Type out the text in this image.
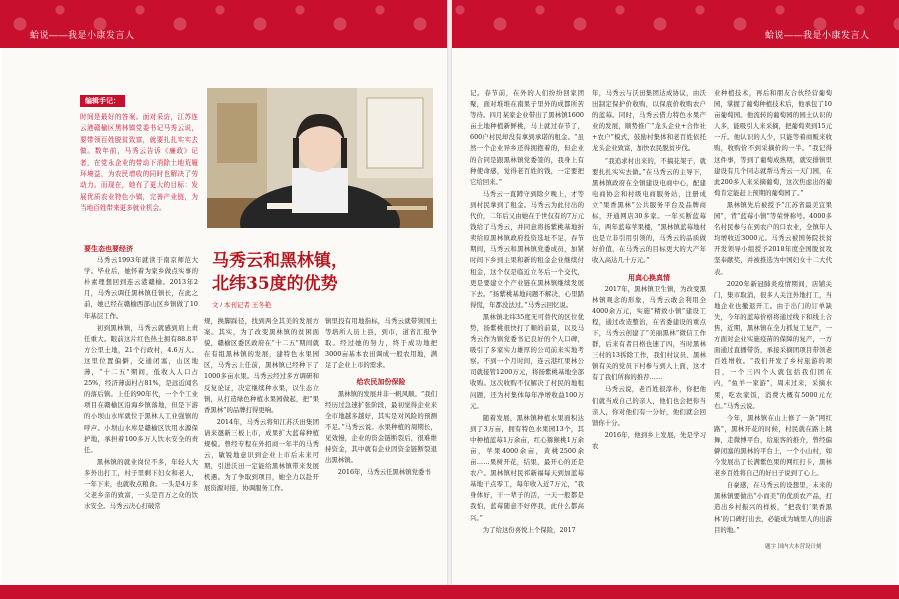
蛤说——我是小康发言人	蛤说——我是小康发言人
编辑手记：
时间是最好的答案。面对采访，江苏连云港赣榆区黑林镇党委书记马秀云说，要带领百姓脱贫致富，就要扎扎实实去做。数年前，马秀云告诉《廉政》记者，在党永企业的带动下消除土地荒履环境益，为农民增收的同时也解决了劳动力。而现在，她有了更大的目标：发展优质农业特色小镇，完善产业链，为当地百姓带来更多就业机会。
马秀云和黑林镇，
北纬35度的优势
文 / 本刊记者 王冬艳

要生态也要经济

马秀云1993年就读于南京师范大学。毕业后，她怀着为家乡做点实事的朴素理想回到连云港赣榆。2013年2月，马秀云调任黑林镇任镇长，在此之前，她已经在赣榆西部山区乡镇做了10年基层工作。

初到黑林镇，马秀云就感到肩上责任重大。眼前这片红色热土拥有88.8平方公里土地，21个行政村，4.6万人。这里位置偏僻，交通闭塞，山区地薄，“十二五”期间，低收入人口占25%，经济薄弱村占81%，是远近闻名的落后镇。上任的90年代，一个个工业项目在赣榆区沿海乡镇落地，但是下游的小坝山水库就位于黑林人工业强镇的呼声。小坝山水库是赣榆区饮用水源保护地，承担着100多万人饮水安全的责任。

黑林镇的就业岗位不多，年轻人大多外出打工，村子里剩下妇女和老人，一年下来，也就收点粮食。一头是4万多父老乡亲的致富，一头是百万之众的饮水安全。马秀云决心打破常

规，换脚踩径，找到两全其美的发展方案。其实，为了改变黑林镇的贫困面貌，赣榆区委区政府在“十二五”期间就在有组黑林镇的发展，建特色水果园区，马秀云上任前，黑林镇已经种下了1000多亩水果。马秀云经过多方调研和反复论证，决定继续种水果，以生态立镇，从打造绿色种植水果园做起，把“果香黑林”的品牌打得更响。

2014年，马秀云将知江苏沃田集团请来邀新三板上市，成果扩大蓝莓种植规模。曾经专程在外招商一年半的马秀云，敏锐地意识到企业上市后未来可期，引进沃田一定能给黑林镇带来发展机遇。为了争取到项目，她全力以赴开展资源对接，协调服务工作。

镇里投有用地指标，马秀云就带领国土等培所人员上县，到市，道省汇报争取。经过她的努力，终于成功地把3000亩基本农田调成一般农用地，满足了企业上市的需求。

给农民加份保险

黑林镇的发展并非一帆风顺。“我们经历过急速扩张阶段，最初觉得企业来全市地越多越好，其实是对风险的预测不足。”马秀云说。水果种植的周期长，见效慢，企业的资金链断裂后，很难维持资金，其中就有企业因资金链断裂退出黑林镇。

2016年，马秀云任黑林镇党委书

记。春节前，在外的人们纷纷回家团聚，面对堆堆在南果子里外的成都所苦等待。四月某家企业带出了黑林镇1600亩土地种植新鲜桃，马上就过春节了，600户村民却没有拿到承诺的租金。“虽然一个企业异乡还得拥抱着的，但企业的合同是跟黑林镇党委签的，我身上有种使命感，觉得老百姓的钱，一定要把它给回来。”

马秀云一直蹲守到除夕晚上，才等到村民拿到了租金。马秀云为此付出的代价，二年后又由她在于世仅有的7万元钱给了马秀云，并同意将扬紫桃基地折卖给原黑林镇政府投资选址不足，春节期间，马秀云和黑林镇党委成员，加紧时间下乡到主果和新的租金企业继续付租金，这个仅是临近立冬后一个交代，更是要建立个产业链在黑林镇继续发展下去。“扬紫桃基地问题不解决，心里踏得慌，年都没法过。”马秀云回忆说。

黑林镇北纬35度无可替代的区位优势，扬紫桃很快打了顺的前景，以及马秀云作为镇党委书记良好的个人口碑，吸引了多家实力雄厚的公司前来实地考察。不到一个月时间，连云港红果林公司就接管1200万元，将扬紫桃基地全部收购。这次收购不仅解决了村民的地租问题，还为村集体每年净增收益100万元。

随着发展，黑林镇种植水果面积达到了3万亩，拥有特色水果园13个，其中种植蓝莓1万余亩，红心猕猴桃1万余亩，苹果4000余亩，黄桃2500余亩……果树开花，结果，最开心的还是农户。黑林镇村民祁新福每天到加蓝莓基地干点零工，每年收入近7万元，“我身体好，干一辈子的活，一天一般都是我怕，蓝莓随意不好停我，此什么都高兴。”

为了给这份喜悦上个保险，2017

年，马秀云与沃田集团达成协议，由沃田制定保护价收购，以保底价收购农户的蓝莓。同时，马秀云借力特色水果产业的发展，顺势推广“龙头企业+合作社+农户”模式，鼓励村集体和老百姓依托龙头企业致富，加快农民脱贫步伐。

“我追求村出来的，不搞花架子，就要扎扎实实去做。”在马秀云的主导下，黑林镇政府在全镇建设电商中心，配建电商协会和村级电商服务站，注册成立“果香黑林”公共服务平台及品牌商标，开通网店30多家。一年买断蓝莓车，两年蓝莓苹果楼，“黑林镇蓝莓地村也是立非引用引领的，马秀云的品质做好价值，在马秀云的目标更大的大产年收入高达几十万元。”

用真心换真情

2017年，黑林镇卫生镇，为改变黑林镇观念的形象，马秀云敢会利用全4000余万元，实施“精致小镇”建设工程，通过改造整治，在省委建设的重点下，马秀云创建了“美丽黑林”微信工作群，后来有者目格也速了四，当时黑林三村的13拆除工作，我们村议员、黑林镇有关的党员下村参与到人上面，这才有了我们所称的推荐……

马秀云说，老百姓很淳朴，你把他们就当成自己的亲人，他们也会把你当亲人，你对他们有一分好，他们就会回馈你十分。

2016年，他到乡上发展，先是学习农

业种植技术，再后和朋友合伙经营葡萄园，掌握了葡萄种植技术后，他承包了10亩葡萄园。他流转的葡萄园的园土认识的人多，能吸引人来采摘，把葡萄卖到15元一斤。他认识的人少，只能等着商贩来收购，收购价不到采摘价的一半。“我记得这件事，等到了葡萄成熟期，就安排镇里建设有几个同志就帮马秀云一天门园，在此200多人来采摘葡萄，这次焦虑出的葡萄肯定能赶上预期的葡萄园了。”

黑林镇先后被授予“江苏省最美宜果园”，背“蓝莓小镇”等荣誉称号。4000多名村民参与在到农户的口农业，全镇年人均增收近3000元。马秀云被国务院扶贫开发领导小组授予2018年度全国脱贫攻坚奉献奖，并被推选为中国妇女十二大代表。

2020年新冠肺炎疫情期间，店铺关门，集市取消，很多人关注外地打工，当地企业也撤退开工。由于出门的订单缺失，今年的蓝莓价格将通过线下和线上合售，近期，黑林镇在全力抓复工复产，一方面对企业实施疫苗的保障的复产，一方面通过直播带货，承接采摘团项目带领老百姓增收。“我们开发了乡村旅游的项目，一个三四个人就包括我们团在内，“鱼羊一家游”，周末过来，采摘水果，吃农家饭，消费大概有5000元左右。”马秀云说。

今年，黑林镇在山上修了一条“网红路”，黑林开花的时候，村民就在路上跳舞，走微博平台，给旅客的推介，曾经偏僻闭塞的黑林的平台上，一个小山村，如今发展出了长满紫色果的网红打卡，黑林老乡百姓将自己的好日子说到了心上。

自豪感，在马秀云的设想里，未来的黑林镇要做出“小而美”的优质农产品，打造出乡村振兴的样板，“把我们‘果香黑林’的口碑打出去，必能成为城里人的出游目的地。”

题字 国内大本营设计刻
